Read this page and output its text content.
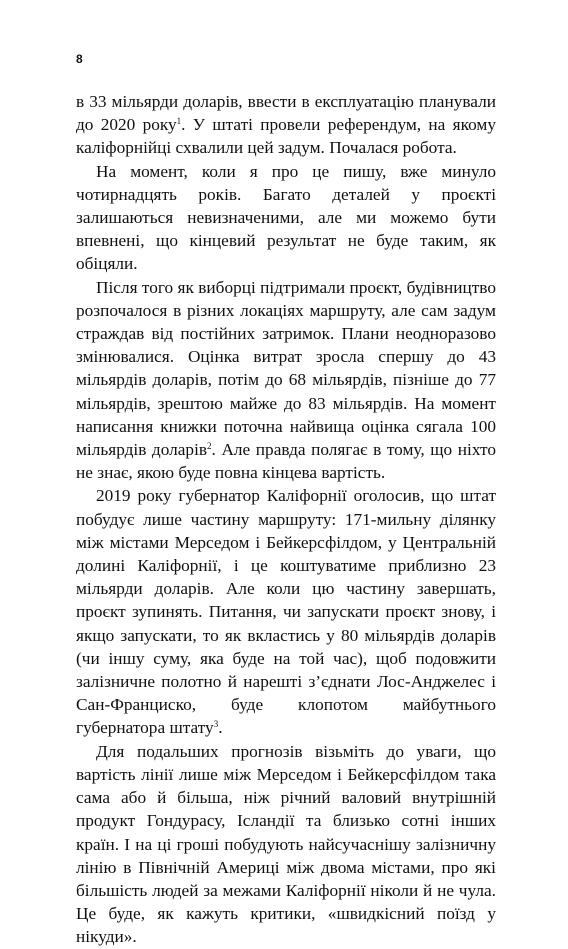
8

в 33 мільярди доларів, ввести в експлуатацію планували до 2020 року$^1$. У штаті провели референдум, на якому каліфорнійці схвалили цей задум. Почалася робота.

На момент, коли я про це пишу, вже минуло чотирнадцять років. Багато деталей у проєкті залишаються невизначеними, але ми можемо бути впевнені, що кінцевий результат не буде таким, як обіцяли.

Після того як виборці підтримали проєкт, будівництво розпочалося в різних локаціях маршруту, але сам задум страждав від постійних затримок. Плани неодноразово змінювалися. Оцінка витрат зросла спершу до 43 мільярдів доларів, потім до 68 мільярдів, пізніше до 77 мільярдів, зрештою майже до 83 мільярдів. На момент написання книжки поточна найвища оцінка сягала 100 мільярдів доларів$^2$. Але правда полягає в тому, що ніхто не знає, якою буде повна кінцева вартість.

2019 року губернатор Каліфорнії оголосив, що штат побудує лише частину маршруту: 171-мильну ділянку між містами Мерседом і Бейкерсфілдом, у Центральній долині Каліфорнії, і це коштуватиме приблизно 23 мільярди доларів. Але коли цю частину завершать, проєкт зупинять. Питання, чи запускати проєкт знову, і якщо запускати, то як вкластись у 80 мільярдів доларів (чи іншу суму, яка буде на той час), щоб подовжити залізничне полотно й нарешті з’єднати Лос-Анджелес і Сан-Франциско, буде клопотом майбутнього губернатора штату$^3$.

Для подальших прогнозів візьміть до уваги, що вартість лінії лише між Мерседом і Бейкерсфілдом така сама або й більша, ніж річний валовий внутрішній продукт Гондурасу, Ісландії та близько сотні інших країн. І на ці гроші побудують найсучаснішу залізничну лінію в Північній Америці між двома містами, про які більшість людей за межами Каліфорнії ніколи й не чула. Це буде, як кажуть критики, «швидкісний поїзд у нікуди».
